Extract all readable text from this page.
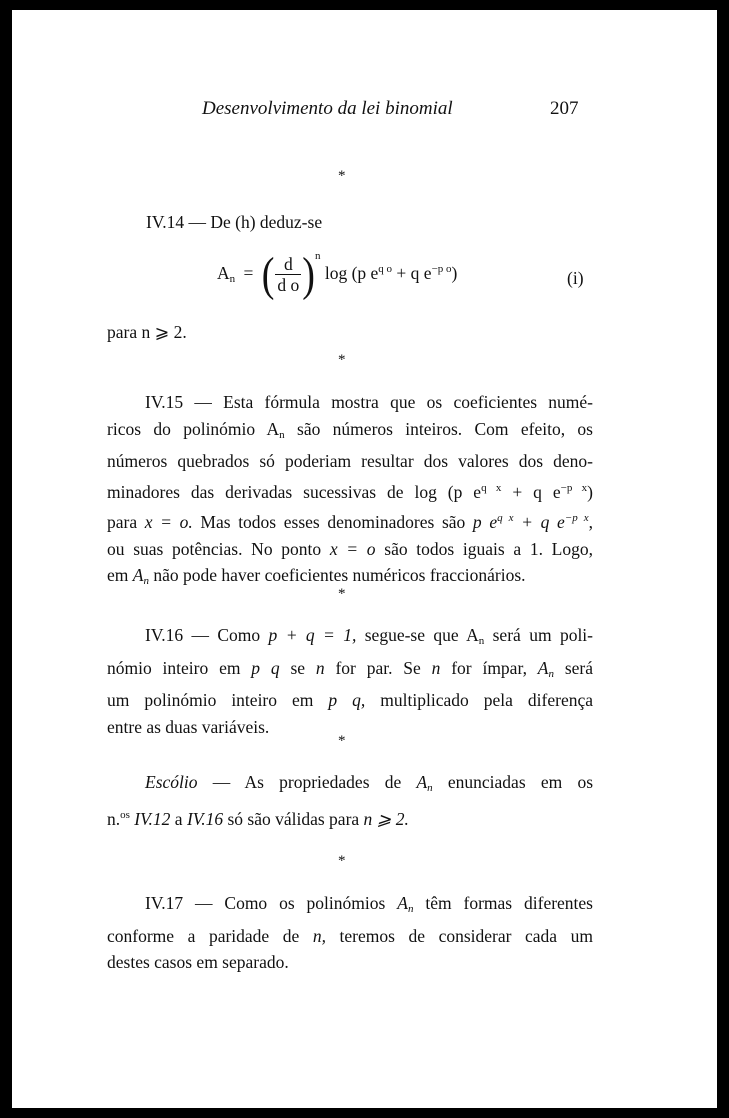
Desenvolvimento da lei binomial	207
*
IV.14 — De (h) deduz-se
$A_n$ = ( $\frac{d}{\text{d o}} )^n$ log (p $e^{q o} + q$ $e^{-p o}$)	(i)
para n ⩾ 2.
*
IV.15 — Esta fórmula mostra que os coeficientes numé-
ricos do polinómio $A_n$ são números inteiros. Com efeito, os
números quebrados só poderiam resultar dos valores dos deno-
minadores das derivadas sucessivas de log (p $e^{q x} + q$ $e^{-p x}$)
para x = o. Mas todos esses denominadores são p $e^{q x} + q$ $e^{-p x}$,
ou suas potências. No ponto x = o são todos iguais a 1. Logo,
em $A_n$ não pode haver coeficientes numéricos fraccionários.
*
IV.16 — Como p + q = 1, segue-se que $A_n$ será um poli-
nómio inteiro em p q se n for par. Se n for ímpar, $A_n$ será
um polinómio inteiro em p q, multiplicado pela diferença
entre as duas variáveis.
*
Escólio — As propriedades de $A_n$ enunciadas em os
n.$^{os}$ IV.12 a IV.16 só são válidas para n ⩾ 2.
*
IV.17 — Como os polinómios $A_n$ têm formas diferentes
conforme a paridade de n, teremos de considerar cada um
destes casos em separado.
